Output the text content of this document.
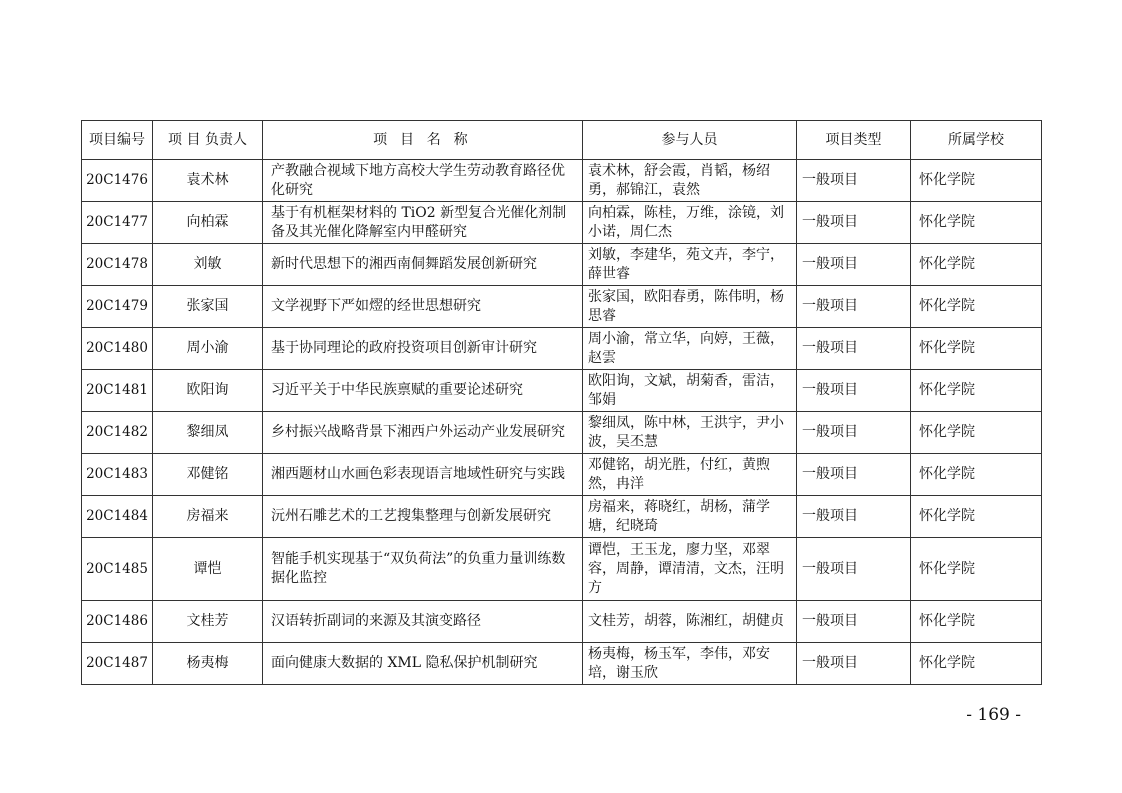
项目编号	项 目 负责人	项 目 名 称	参与人员	项目类型	所属学校
20C1476	袁术林	产教融合视域下地方高校大学生劳动教育路径优化研究	袁术林，舒会霞，肖韬，杨绍勇，郝锦江，袁然	一般项目	怀化学院
20C1477	向柏霖	基于有机框架材料的 TiO2 新型复合光催化剂制备及其光催化降解室内甲醛研究	向柏霖，陈桂，万维，涂镜，刘小诺，周仁杰	一般项目	怀化学院
20C1478	刘敏	新时代思想下的湘西南侗舞蹈发展创新研究	刘敏，李建华，苑文卉，李宁，薛世睿	一般项目	怀化学院
20C1479	张家国	文学视野下严如熤的经世思想研究	张家国，欧阳春勇，陈伟明，杨思睿	一般项目	怀化学院
20C1480	周小渝	基于协同理论的政府投资项目创新审计研究	周小渝，常立华，向婷，王薇，赵雲	一般项目	怀化学院
20C1481	欧阳询	习近平关于中华民族禀赋的重要论述研究	欧阳询，文斌，胡菊香，雷洁，邹娟	一般项目	怀化学院
20C1482	黎细凤	乡村振兴战略背景下湘西户外运动产业发展研究	黎细凤，陈中林，王洪宇，尹小波，吴丕慧	一般项目	怀化学院
20C1483	邓健铭	湘西题材山水画色彩表现语言地域性研究与实践	邓健铭，胡光胜，付红，黄煦然，冉洋	一般项目	怀化学院
20C1484	房福来	沅州石雕艺术的工艺搜集整理与创新发展研究	房福来，蒋晓红，胡杨，蒲学塘，纪晓琦	一般项目	怀化学院
20C1485	谭恺	智能手机实现基于“双负荷法”的负重力量训练数据化监控	谭恺，王玉龙，廖力坚，邓翠容，周静，谭清清，文杰，汪明方	一般项目	怀化学院
20C1486	文桂芳	汉语转折副词的来源及其演变路径	文桂芳，胡蓉，陈湘红，胡健贞	一般项目	怀化学院
20C1487	杨夷梅	面向健康大数据的 XML 隐私保护机制研究	杨夷梅，杨玉军，李伟，邓安培，谢玉欣	一般项目	怀化学院
- 169 -
